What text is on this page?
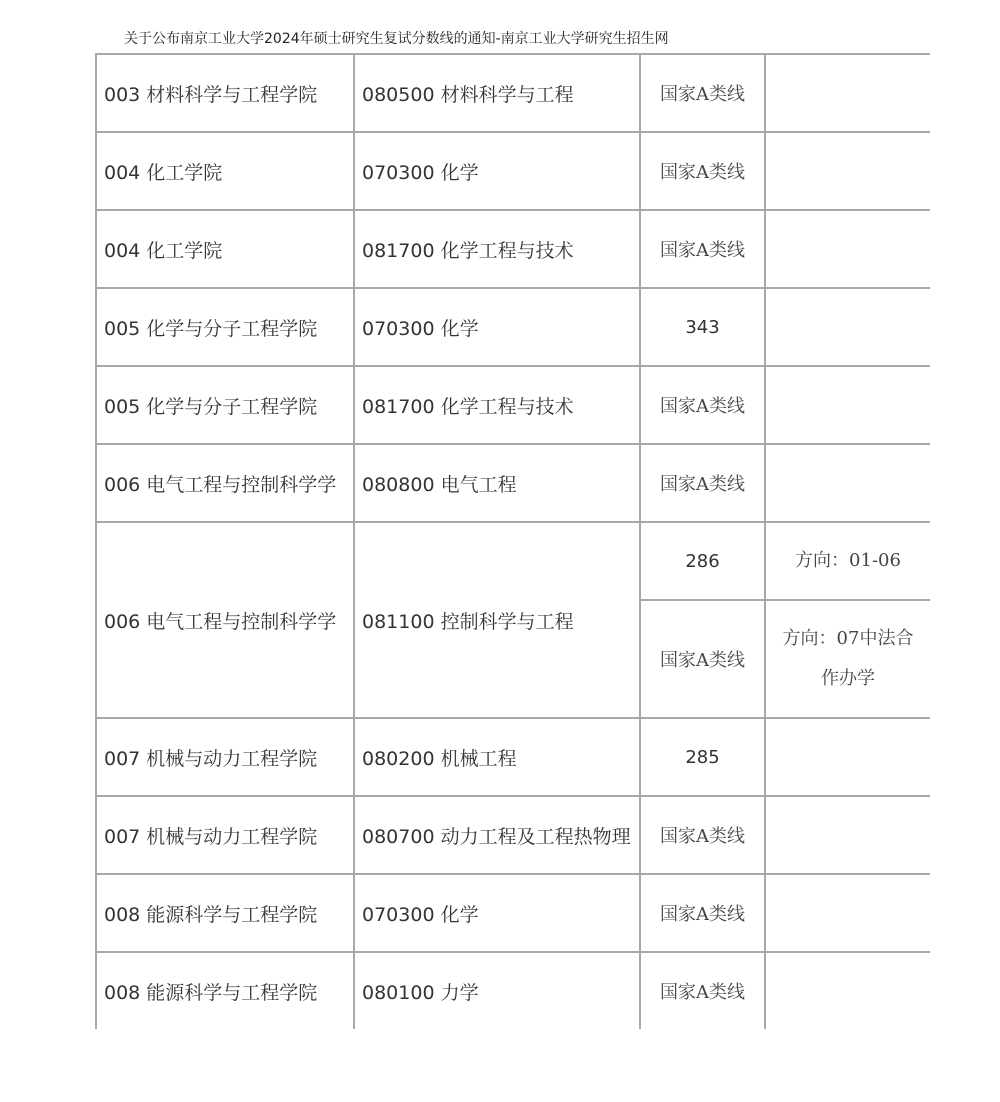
关于公布南京工业大学2024年硕士研究生复试分数线的通知-南京工业大学研究生招生网
003 材料科学与工程学院	080500 材料科学与工程	国家A类线	
004 化工学院	070300 化学	国家A类线	
004 化工学院	081700 化学工程与技术	国家A类线	
005 化学与分子工程学院	070300 化学	343	
005 化学与分子工程学院	081700 化学工程与技术	国家A类线	
006 电气工程与控制科学学	080800 电气工程	国家A类线	
006 电气工程与控制科学学	081100 控制科学与工程	286	方向：01-06
		国家A类线	方向：07中法合作办学
007 机械与动力工程学院	080200 机械工程	285	
007 机械与动力工程学院	080700 动力工程及工程热物理	国家A类线	
008 能源科学与工程学院	070300 化学	国家A类线	
008 能源科学与工程学院	080100 力学	国家A类线	
